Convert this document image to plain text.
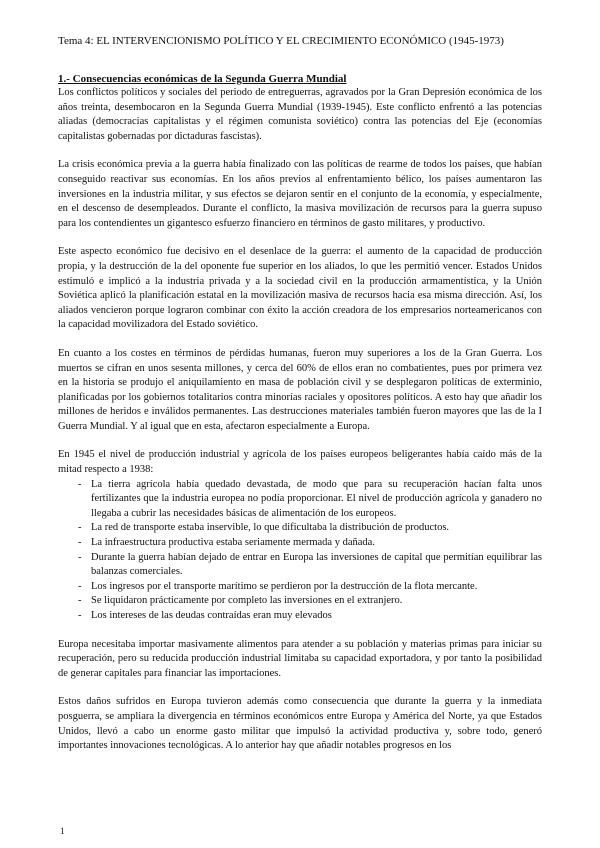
Tema 4: EL INTERVENCIONISMO POLÍTICO Y EL CRECIMIENTO ECONÓMICO (1945-1973)
1.- Consecuencias económicas de la Segunda Guerra Mundial

Los conflictos políticos y sociales del periodo de entreguerras, agravados por la Gran Depresión económica de los años treinta, desembocaron en la Segunda Guerra Mundial (1939-1945). Este conflicto enfrentó a las potencias aliadas (democracias capitalistas y el régimen comunista soviético) contra las potencias del Eje (economías capitalistas gobernadas por dictaduras fascistas).

La crisis económica previa a la guerra había finalizado con las políticas de rearme de todos los países, que habían conseguido reactivar sus economías. En los años previos al enfrentamiento bélico, los países aumentaron las inversiones en la industria militar, y sus efectos se dejaron sentir en el conjunto de la economía, y especialmente, en el descenso de desempleados. Durante el conflicto, la masiva movilización de recursos para la guerra supuso para los contendientes un gigantesco esfuerzo financiero en términos de gasto militares, y productivo.

Este aspecto económico fue decisivo en el desenlace de la guerra: el aumento de la capacidad de producción propia, y la destrucción de la del oponente fue superior en los aliados, lo que les permitió vencer. Estados Unidos estimuló e implicó a la industria privada y a la sociedad civil en la producción armamentística, y la Unión Soviética aplicó la planificación estatal en la movilización masiva de recursos hacia esa misma dirección. Así, los aliados vencieron porque lograron combinar con éxito la acción creadora de los empresarios norteamericanos con la capacidad movilizadora del Estado soviético.

En cuanto a los costes en términos de pérdidas humanas, fueron muy superiores a los de la Gran Guerra. Los muertos se cifran en unos sesenta millones, y cerca del 60% de ellos eran no combatientes, pues por primera vez en la historia se produjo el aniquilamiento en masa de población civil y se desplegaron políticas de exterminio, planificadas por los gobiernos totalitarios contra minorías raciales y opositores políticos. A esto hay que añadir los millones de heridos e inválidos permanentes. Las destrucciones materiales también fueron mayores que las de la I Guerra Mundial. Y al igual que en esta, afectaron especialmente a Europa.

En 1945 el nivel de producción industrial y agrícola de los países europeos beligerantes había caído más de la mitad respecto a 1938:

- La tierra agrícola había quedado devastada, de modo que para su recuperación hacían falta unos fertilizantes que la industria europea no podía proporcionar. El nivel de producción agrícola y ganadero no llegaba a cubrir las necesidades básicas de alimentación de los europeos.
- La red de transporte estaba inservible, lo que dificultaba la distribución de productos.
- La infraestructura productiva estaba seriamente mermada y dañada.
- Durante la guerra habían dejado de entrar en Europa las inversiones de capital que permitían equilibrar las balanzas comerciales.
- Los ingresos por el transporte marítimo se perdieron por la destrucción de la flota mercante.
- Se liquidaron prácticamente por completo las inversiones en el extranjero.
- Los intereses de las deudas contraídas eran muy elevados

Europa necesitaba importar masivamente alimentos para atender a su población y materias primas para iniciar su recuperación, pero su reducida producción industrial limitaba su capacidad exportadora, y por tanto la posibilidad de generar capitales para financiar las importaciones.

Estos daños sufridos en Europa tuvieron además como consecuencia que durante la guerra y la inmediata posguerra, se ampliara la divergencia en términos económicos entre Europa y América del Norte, ya que Estados Unidos, llevó a cabo un enorme gasto militar que impulsó la actividad productiva y, sobre todo, generó importantes innovaciones tecnológicas. A lo anterior hay que añadir notables progresos en los

1
